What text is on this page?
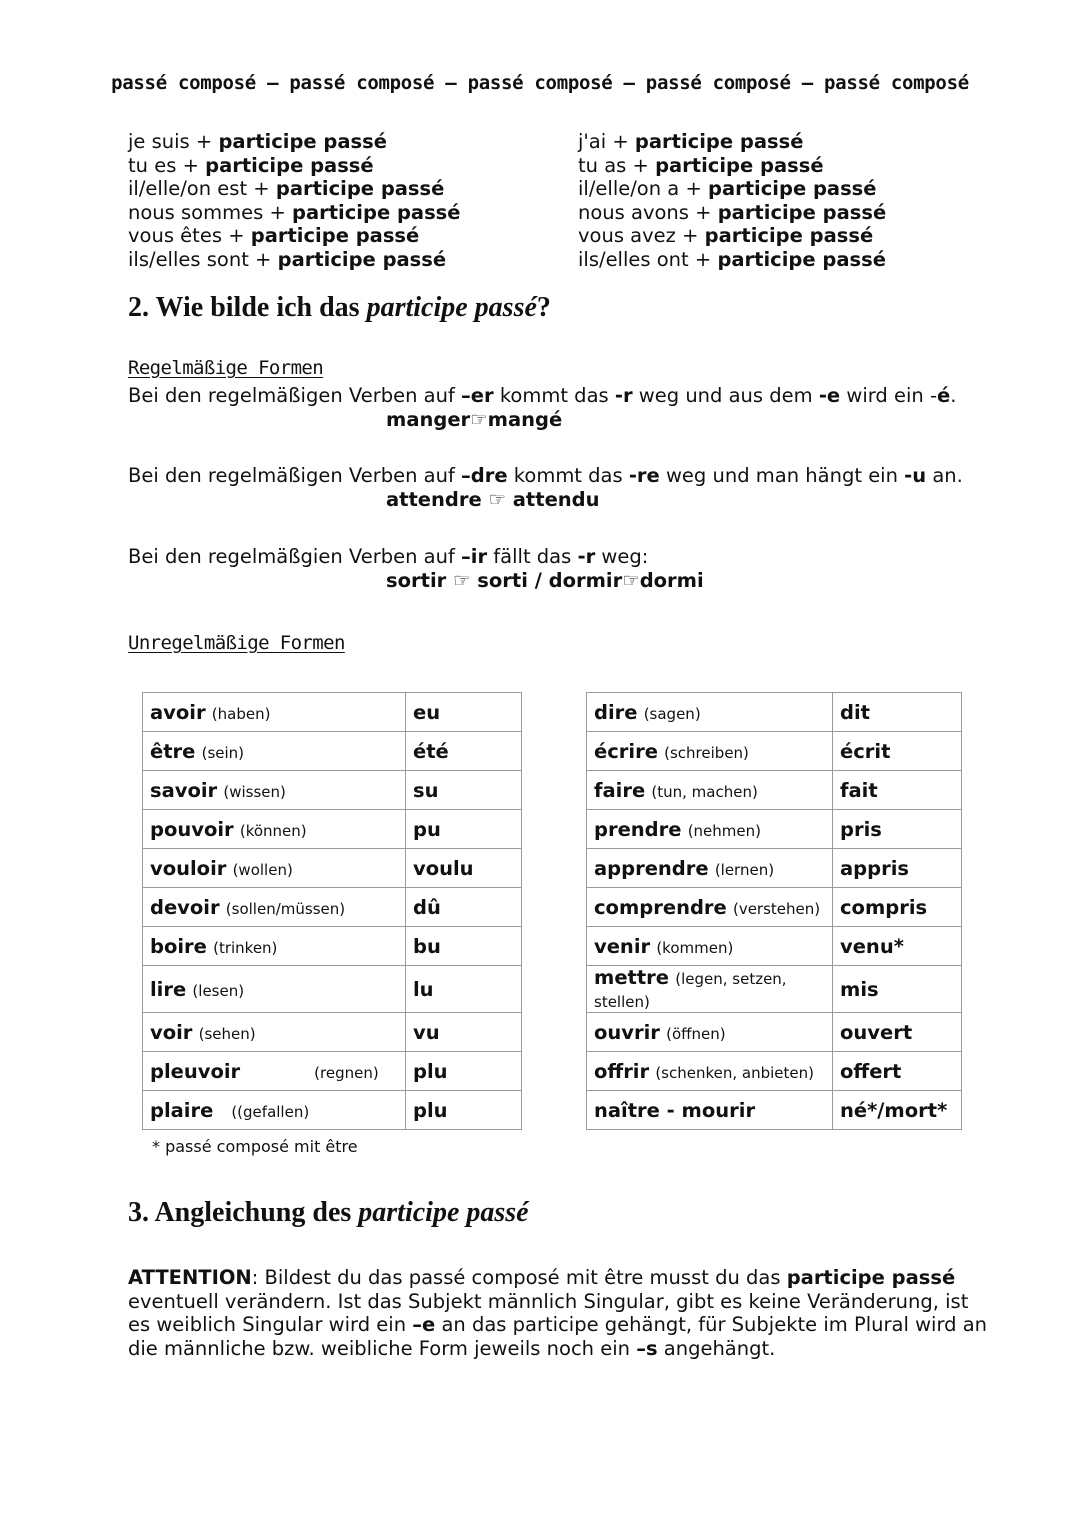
passé composé – passé composé – passé composé – passé composé – passé composé
je suis + participe passé
tu es + participe passé
il/elle/on est + participe passé
nous sommes + participe passé
vous êtes + participe passé
ils/elles sont + participe passé
j'ai + participe passé
tu as + participe passé
il/elle/on a + participe passé
nous avons + participe passé
vous avez + participe passé
ils/elles ont + participe passé
2. Wie bilde ich das participe passé?
Regelmäßige Formen
Bei den regelmäßigen Verben auf –er kommt das -r weg und aus dem -e wird ein -é.
manger☞mangé
Bei den regelmäßigen Verben auf –dre kommt das -re weg und man hängt ein -u an.
attendre ☞ attendu
Bei den regelmäßgien Verben auf –ir fällt das -r weg:
sortir ☞ sorti / dormir☞dormi
Unregelmäßige Formen
avoir (haben)	eu		dire (sagen)	dit
être (sein)	été		écrire (schreiben)	écrit
savoir (wissen)	su		faire (tun, machen)	fait
pouvoir (können)	pu		prendre (nehmen)	pris
vouloir (wollen)	voulu		apprendre (lernen)	appris
devoir (sollen/müssen)	dû		comprendre (verstehen)	compris
boire (trinken)	bu		venir (kommen)	venu*
lire (lesen)	lu		mettre (legen, setzen, stellen)	mis
voir (sehen)	vu		ouvrir (öffnen)	ouvert
pleuvoir (regnen)	plu		offrir (schenken, anbieten)	offert
plaire ((gefallen)	plu		naître - mourir	né*/mort*
* passé composé mit être
3. Angleichung des participe passé
ATTENTION: Bildest du das passé composé mit être musst du das participe passé eventuell verändern. Ist das Subjekt männlich Singular, gibt es keine Veränderung, ist es weiblich Singular wird ein –e an das participe gehängt, für Subjekte im Plural wird an die männliche bzw. weibliche Form jeweils noch ein –s angehängt.
